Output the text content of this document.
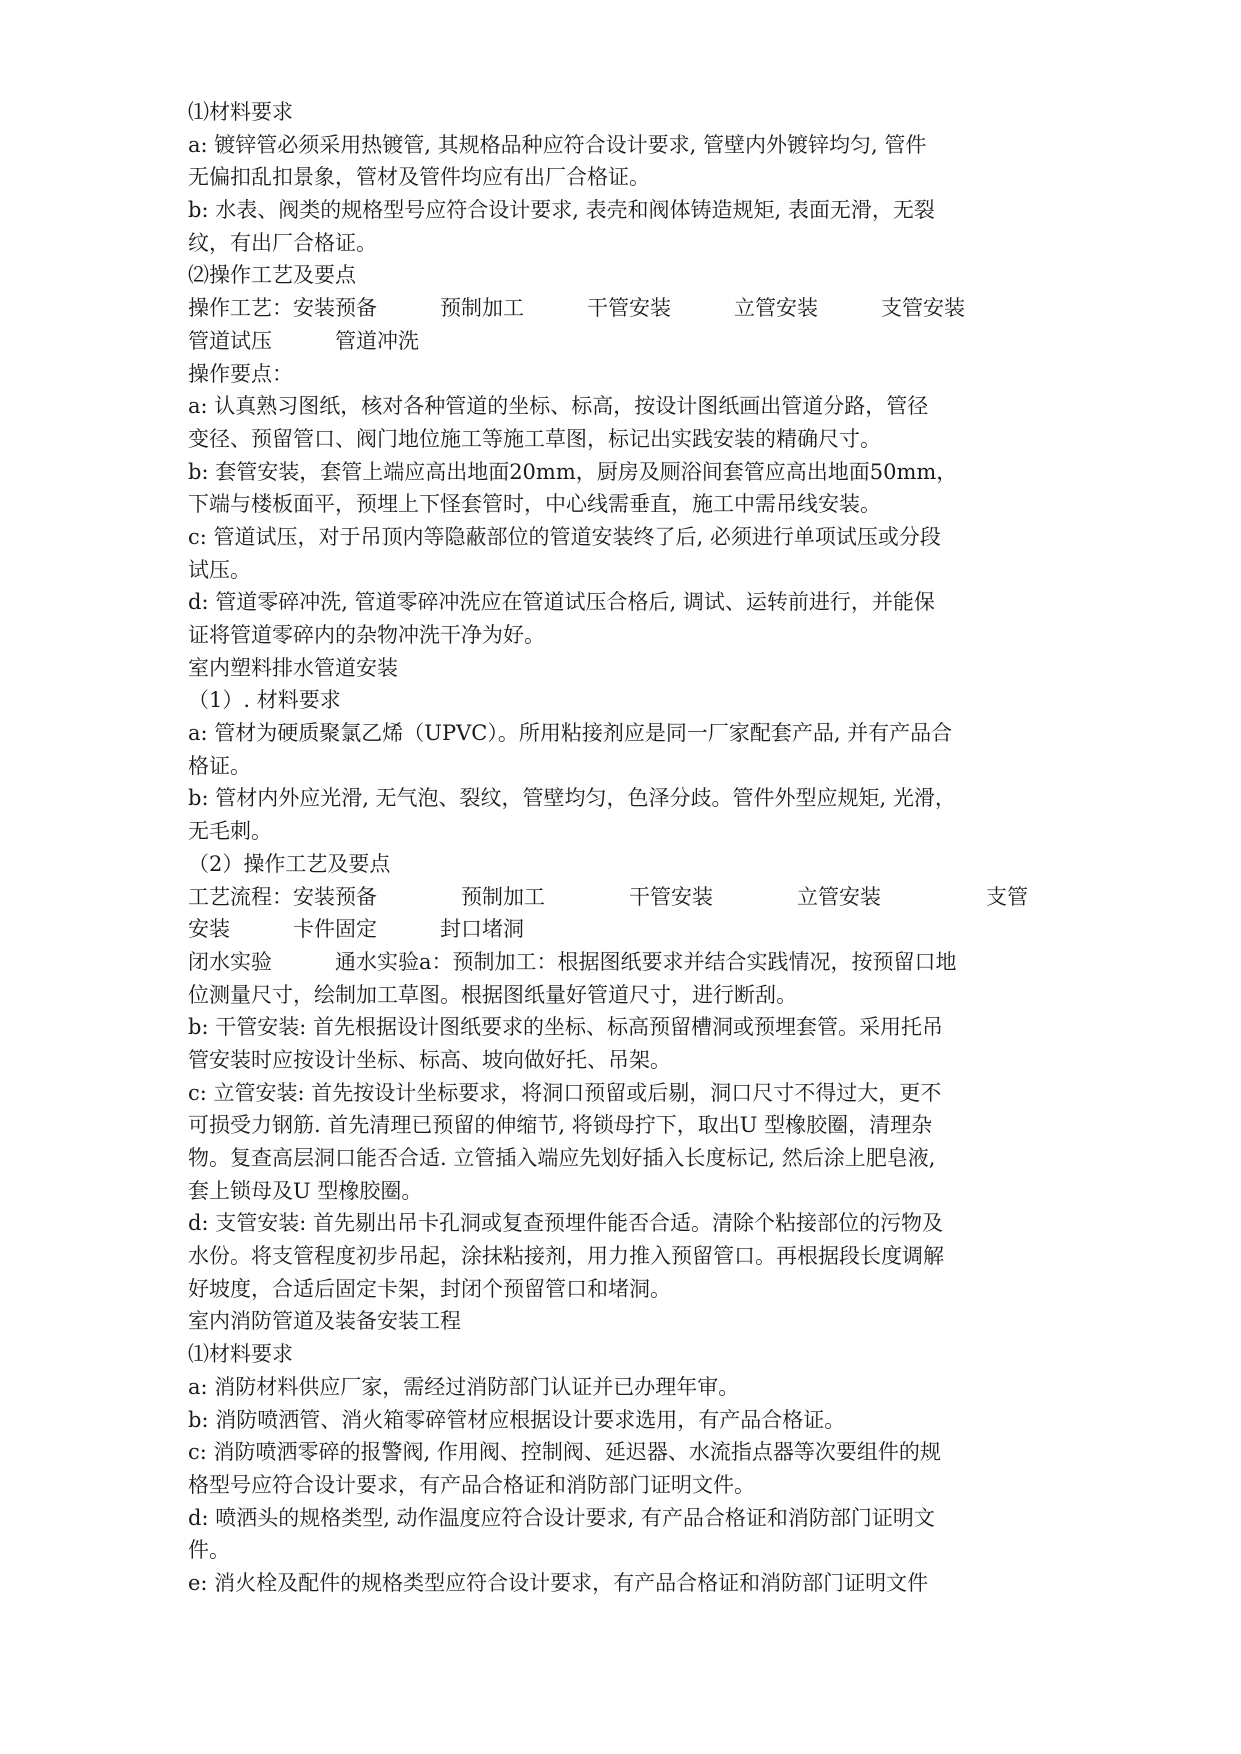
⑴材料要求
a: 镀锌管必须采用热镀管, 其规格品种应符合设计要求, 管壁内外镀锌均匀, 管件
无偏扣乱扣景象，管材及管件均应有出厂合格证。
b: 水表、阀类的规格型号应符合设计要求, 表壳和阀体铸造规矩, 表面无滑，无裂
纹，有出厂合格证。
⑵操作工艺及要点
操作工艺：安装预备　　　预制加工　　　干管安装　　　立管安装　　　支管安装
管道试压　　　管道冲洗
操作要点：
a: 认真熟习图纸，核对各种管道的坐标、标高，按设计图纸画出管道分路，管径
变径、预留管口、阀门地位施工等施工草图，标记出实践安装的精确尺寸。
b: 套管安装，套管上端应高出地面20mm，厨房及厕浴间套管应高出地面50mm，
下端与楼板面平，预埋上下怪套管时，中心线需垂直，施工中需吊线安装。
c: 管道试压，对于吊顶内等隐蔽部位的管道安装终了后, 必须进行单项试压或分段
试压。
d: 管道零碎冲洗, 管道零碎冲洗应在管道试压合格后, 调试、运转前进行，并能保
证将管道零碎内的杂物冲洗干净为好。
室内塑料排水管道安装
（1）. 材料要求
a: 管材为硬质聚氯乙烯（UPVC）。所用粘接剂应是同一厂家配套产品, 并有产品合
格证。
b: 管材内外应光滑, 无气泡、裂纹，管壁均匀，色泽分歧。管件外型应规矩, 光滑，
无毛刺。
（2）操作工艺及要点
工艺流程：安装预备　　　　预制加工　　　　干管安装　　　　立管安装　　　　　支管
安装　　　卡件固定　　　封口堵洞
闭水实验　　　通水实验a：预制加工：根据图纸要求并结合实践情况，按预留口地
位测量尺寸，绘制加工草图。根据图纸量好管道尺寸，进行断刮。
b: 干管安装: 首先根据设计图纸要求的坐标、标高预留槽洞或预埋套管。采用托吊
管安装时应按设计坐标、标高、坡向做好托、吊架。
c: 立管安装: 首先按设计坐标要求，将洞口预留或后剔，洞口尺寸不得过大，更不
可损受力钢筋. 首先清理已预留的伸缩节, 将锁母拧下，取出U 型橡胶圈，清理杂
物。复查高层洞口能否合适. 立管插入端应先划好插入长度标记, 然后涂上肥皂液,
套上锁母及U 型橡胶圈。
d: 支管安装: 首先剔出吊卡孔洞或复查预埋件能否合适。清除个粘接部位的污物及
水份。将支管程度初步吊起，涂抹粘接剂，用力推入预留管口。再根据段长度调解
好坡度，合适后固定卡架，封闭个预留管口和堵洞。
室内消防管道及装备安装工程
⑴材料要求
a: 消防材料供应厂家，需经过消防部门认证并已办理年审。
b: 消防喷洒管、消火箱零碎管材应根据设计要求选用，有产品合格证。
c: 消防喷洒零碎的报警阀, 作用阀、控制阀、延迟器、水流指点器等次要组件的规
格型号应符合设计要求，有产品合格证和消防部门证明文件。
d: 喷洒头的规格类型, 动作温度应符合设计要求, 有产品合格证和消防部门证明文
件。
e: 消火栓及配件的规格类型应符合设计要求，有产品合格证和消防部门证明文件
